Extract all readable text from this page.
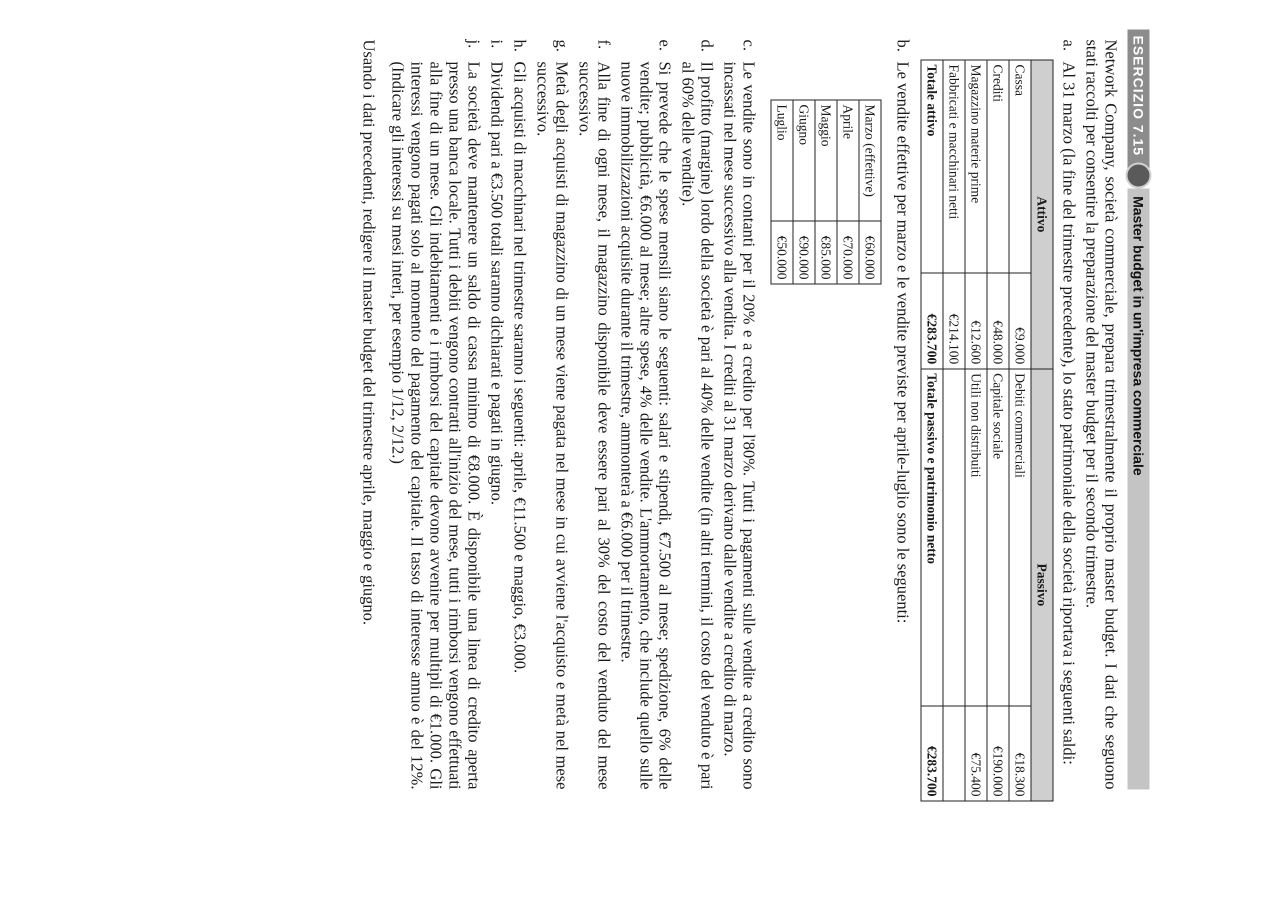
ESERCIZIO 7.15
Master budget in un'impresa commerciale

Network Company, società commerciale, prepara trimestralmente il proprio master budget. I dati che seguono stati raccolti per consentire la preparazione del master budget per il secondo trimestre.

a.
Al 31 marzo (la fine del trimestre precedente), lo stato patrimoniale della società riportava i seguenti saldi:
Attivo		Passivo	
Cassa	€9.000	Debiti commerciali	€18.300
Crediti	€48.000	Capitale sociale	€190.000
Magazzino materie prime	€12.600	Utili non distribuiti	€75.400
Fabbricati e macchinari netti	€214.100		
Totale attivo	€283.700	Totale passivo e patrimonio netto	€283.700
b.
Le vendite effettive per marzo e le vendite previste per aprile-luglio sono le seguenti:
Marzo (effettive)	€60.000
Aprile	€70.000
Maggio	€85.000
Giugno	€90.000
Luglio	€50.000
c.
Le vendite sono in contanti per il 20% e a credito per l'80%. Tutti i pagamenti sulle vendite a credito sono incassati nel mese successivo alla vendita. I crediti al 31 marzo derivano dalle vendite a credito di marzo.
d.
Il profitto (margine) lordo della società è pari al 40% delle vendite (in altri termini, il costo del venduto è pari al 60% delle vendite).
e.
Si prevede che le spese mensili siano le seguenti: salari e stipendi, €7.500 al mese; spedizione, 6% delle vendite; pubblicità, €6.000 al mese; altre spese, 4% delle vendite. L'ammortamento, che include quello sulle nuove immobilizzazioni acquisite durante il trimestre, ammonterà a €6.000 per il trimestre.
f.
Alla fine di ogni mese, il magazzino disponibile deve essere pari al 30% del costo del venduto del mese successivo.
g.
Metà degli acquisti di magazzino di un mese viene pagata nel mese in cui avviene l'acquisto e metà nel mese successivo.
h.
Gli acquisti di macchinari nel trimestre saranno i seguenti: aprile, €11.500 e maggio, €3.000.
i.
Dividendi pari a €3.500 totali saranno dichiarati e pagati in giugno.
j.
La società deve mantenere un saldo di cassa minimo di €8.000. È disponibile una linea di credito aperta presso una banca locale. Tutti i debiti vengono contratti all'inizio del mese, tutti i rimborsi vengono effettuati alla fine di un mese. Gli indebitamenti e i rimborsi del capitale devono avvenire per multipli di €1.000. Gli interessi vengono pagati solo al momento del pagamento del capitale. Il tasso di interesse annuo è del 12%. (Indicare gli interessi su mesi interi, per esempio 1/12, 2/12.)

Usando i dati precedenti, redigere il master budget del trimestre aprile, maggio e giugno.
